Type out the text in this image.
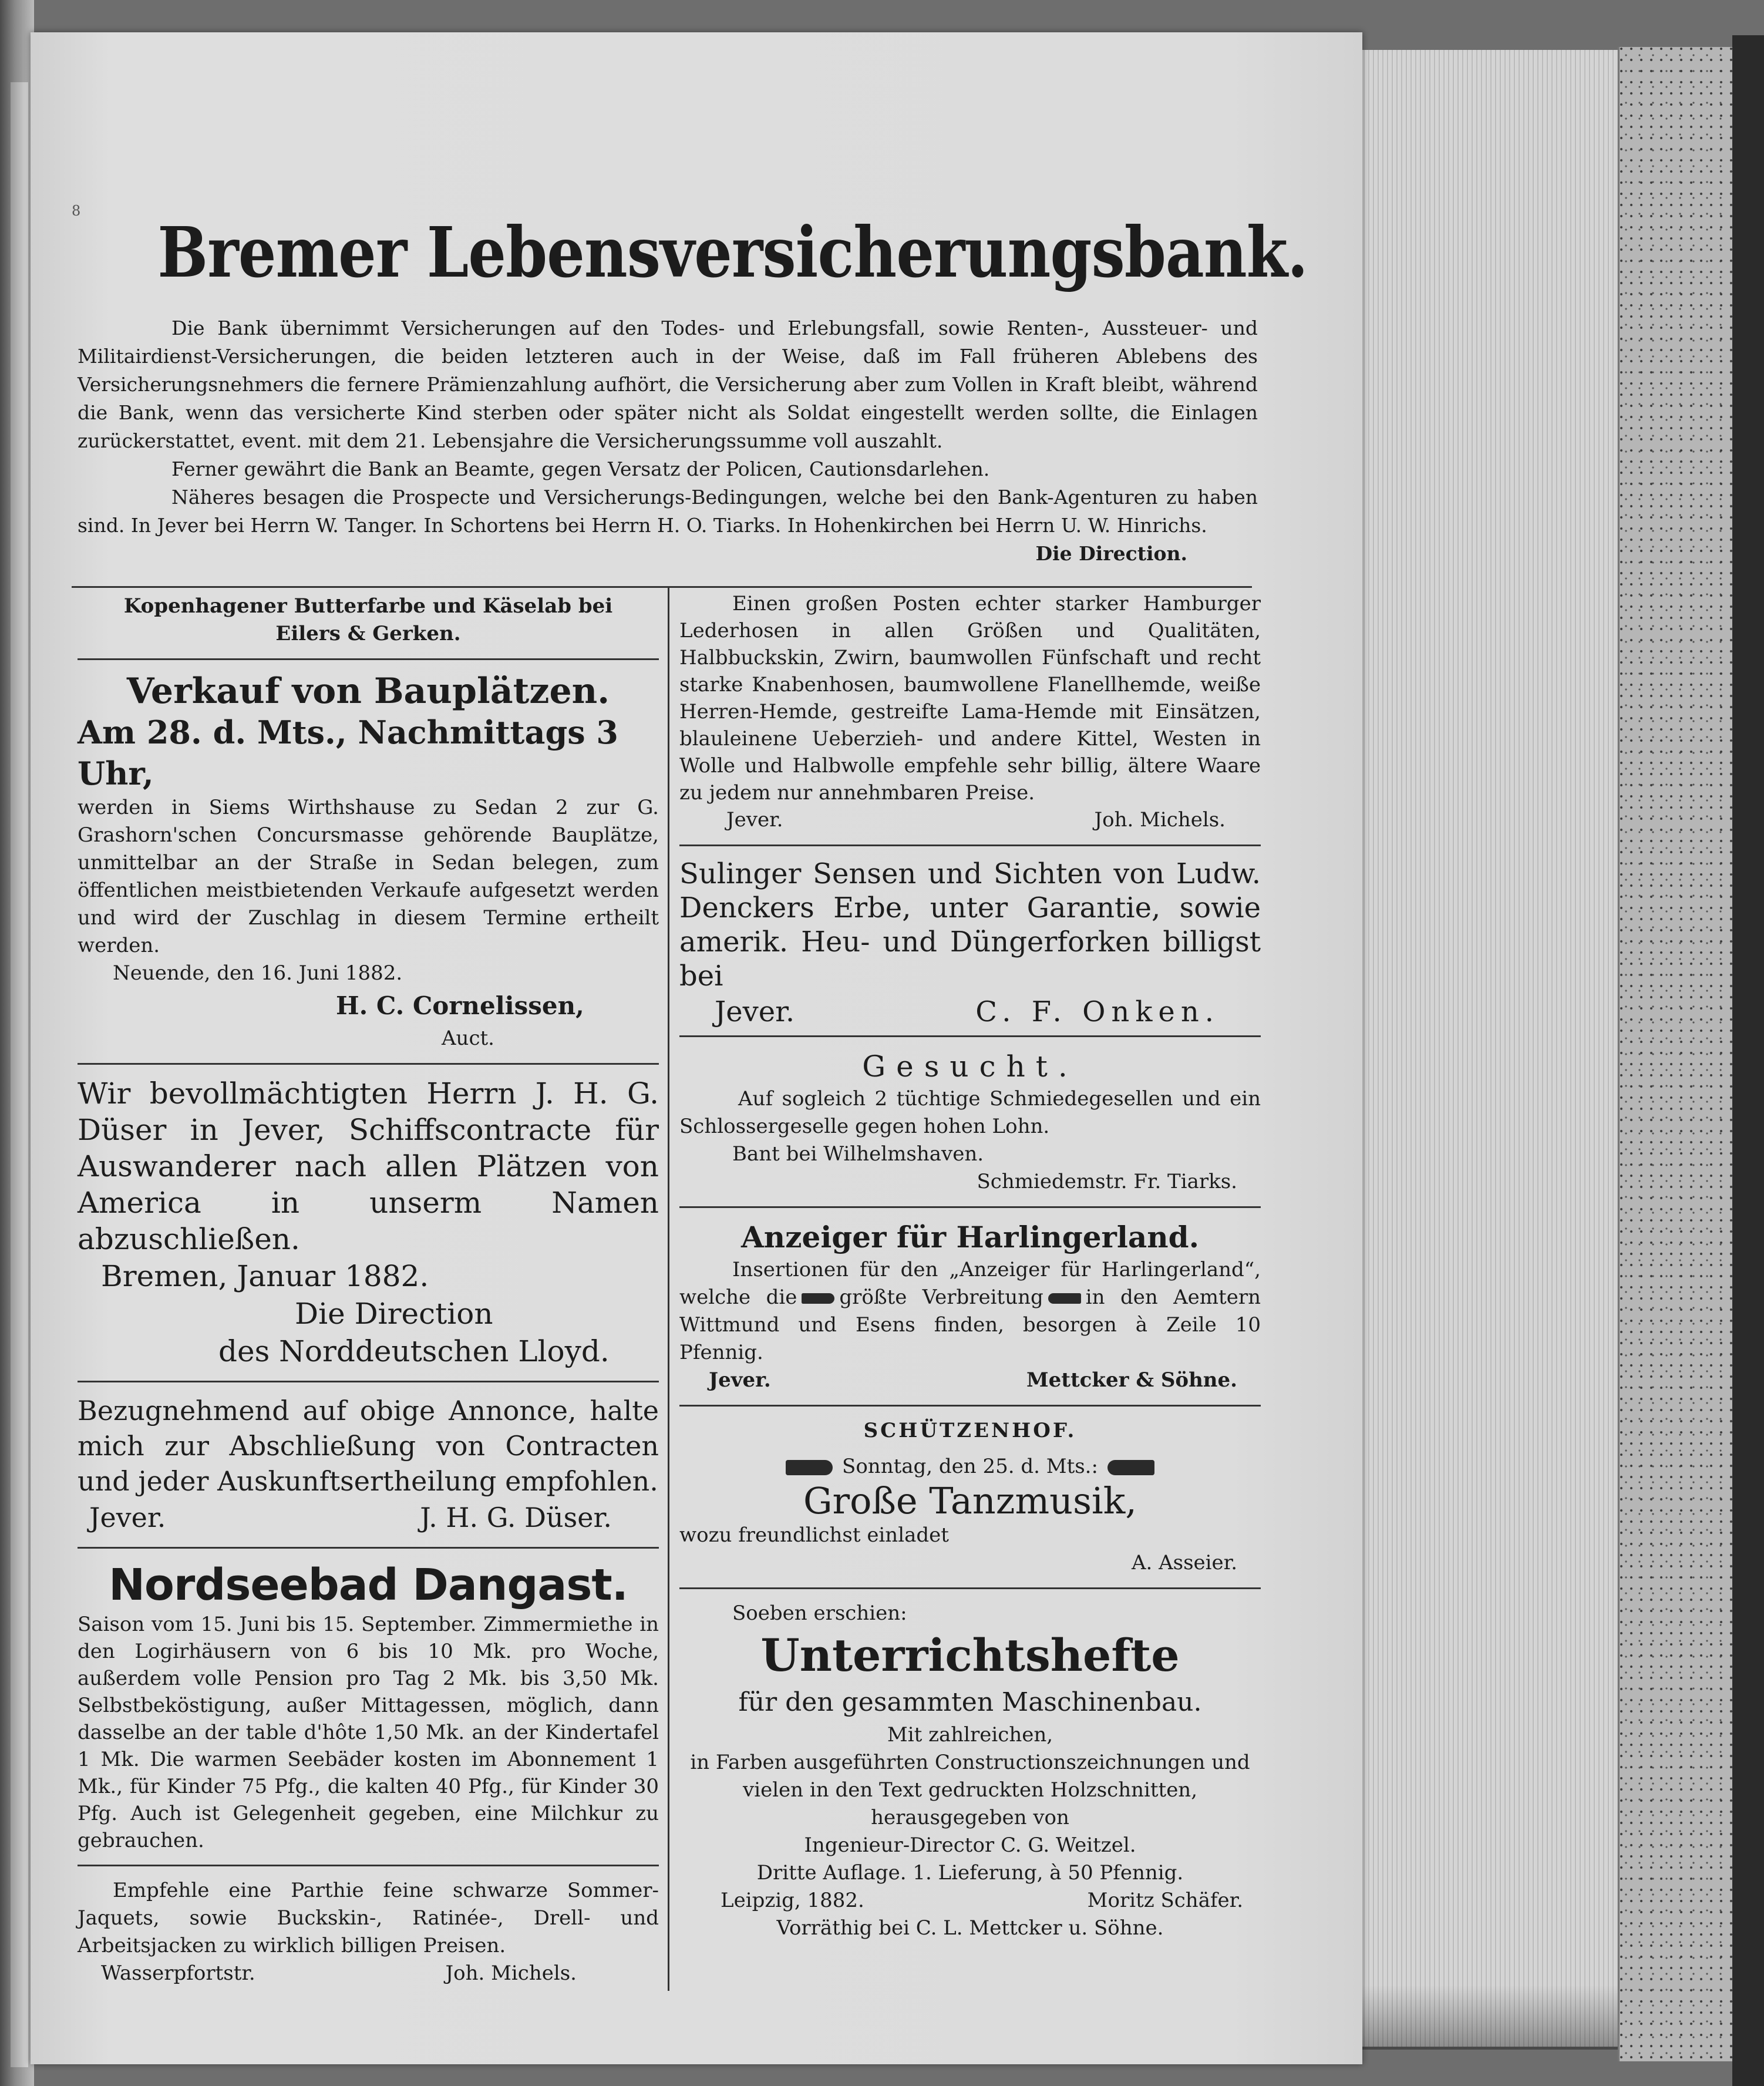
8
Bremer Lebensversicherungsbank.

Die Bank übernimmt Versicherungen auf den Todes- und Erlebungsfall, sowie Renten-, Aussteuer- und Militairdienst-Versicherungen, die beiden letzteren auch in der Weise, daß im Fall früheren Ablebens des Versicherungsnehmers die fernere Prämienzahlung aufhört, die Versicherung aber zum Vollen in Kraft bleibt, während die Bank, wenn das versicherte Kind sterben oder später nicht als Soldat eingestellt werden sollte, die Einlagen zurückerstattet, event. mit dem 21. Lebensjahre die Versicherungssumme voll auszahlt.

Ferner gewährt die Bank an Beamte, gegen Versatz der Policen, Cautionsdarlehen.

Näheres besagen die Prospecte und Versicherungs-Bedingungen, welche bei den Bank-Agenturen zu haben sind. In Jever bei Herrn W. Tanger. In Schortens bei Herrn H. O. Tiarks. In Hohenkirchen bei Herrn U. W. Hinrichs.

Die Direction.

Kopenhagener Butterfarbe und Käselab bei

Eilers & Gerken.

Verkauf von Bauplätzen.

Am 28. d. Mts., Nachmittags 3 Uhr,

werden in Siems Wirthshause zu Sedan 2 zur G. Grashorn'schen Concursmasse gehörende Bauplätze, unmittelbar an der Straße in Sedan belegen, zum öffentlichen meistbietenden Verkaufe aufgesetzt werden und wird der Zuschlag in diesem Termine ertheilt werden.

Neuende, den 16. Juni 1882.

H. C. Cornelissen,

Auct.

Wir bevollmächtigten Herrn J. H. G. Düser in Jever, Schiffscontracte für Auswanderer nach allen Plätzen von America in unserm Namen abzuschließen.

Bremen, Januar 1882.

Die Direction

des Norddeutschen Lloyd.

Bezugnehmend auf obige Annonce, halte mich zur Abschließung von Contracten und jeder Auskunftsertheilung empfohlen.

Jever.	J. H. G. Düser.

Nordseebad Dangast.

Saison vom 15. Juni bis 15. September. Zimmermiethe in den Logirhäusern von 6 bis 10 Mk. pro Woche, außerdem volle Pension pro Tag 2 Mk. bis 3,50 Mk. Selbstbeköstigung, außer Mittagessen, möglich, dann dasselbe an der table d'hôte 1,50 Mk. an der Kindertafel 1 Mk. Die warmen Seebäder kosten im Abonnement 1 Mk., für Kinder 75 Pfg., die kalten 40 Pfg., für Kinder 30 Pfg. Auch ist Gelegenheit gegeben, eine Milchkur zu gebrauchen.

Empfehle eine Parthie feine schwarze Sommer-Jaquets, sowie Buckskin-, Ratinée-, Drell- und Arbeitsjacken zu wirklich billigen Preisen.

Wasserpfortstr.	Joh. Michels.

Einen großen Posten echter starker Hamburger Lederhosen in allen Größen und Qualitäten, Halbbuckskin, Zwirn, baumwollen Fünfschaft und recht starke Knabenhosen, baumwollene Flanellhemde, weiße Herren-Hemde, gestreifte Lama-Hemde mit Einsätzen, blauleinene Ueberzieh- und andere Kittel, Westen in Wolle und Halbwolle empfehle sehr billig, ältere Waare zu jedem nur annehmbaren Preise.

Jever.	Joh. Michels.

Sulinger Sensen und Sichten von Ludw. Denckers Erbe, unter Garantie, sowie amerik. Heu- und Düngerforken billigst bei

Jever.	C. F. Onken.

Gesucht.

Auf sogleich 2 tüchtige Schmiedegesellen und ein Schlossergeselle gegen hohen Lohn.

Bant bei Wilhelmshaven.

Schmiedemstr. Fr. Tiarks.

Anzeiger für Harlingerland.

Insertionen für den „Anzeiger für Harlingerland“, welche die größte Verbreitung in den Aemtern Wittmund und Esens finden, besorgen à Zeile 10 Pfennig.

Jever.	Mettcker & Söhne.

SCHÜTZENHOF.

Sonntag, den 25. d. Mts.:

Große Tanzmusik,

wozu freundlichst einladet

A. Asseier.

Soeben erschien:

Unterrichtshefte

für den gesammten Maschinenbau.

Mit zahlreichen,

in Farben ausgeführten Constructionszeichnungen und

vielen in den Text gedruckten Holzschnitten,

herausgegeben von

Ingenieur-Director C. G. Weitzel.

Dritte Auflage. 1. Lieferung, à 50 Pfennig.

Leipzig, 1882.	Moritz Schäfer.

Vorräthig bei C. L. Mettcker u. Söhne.
